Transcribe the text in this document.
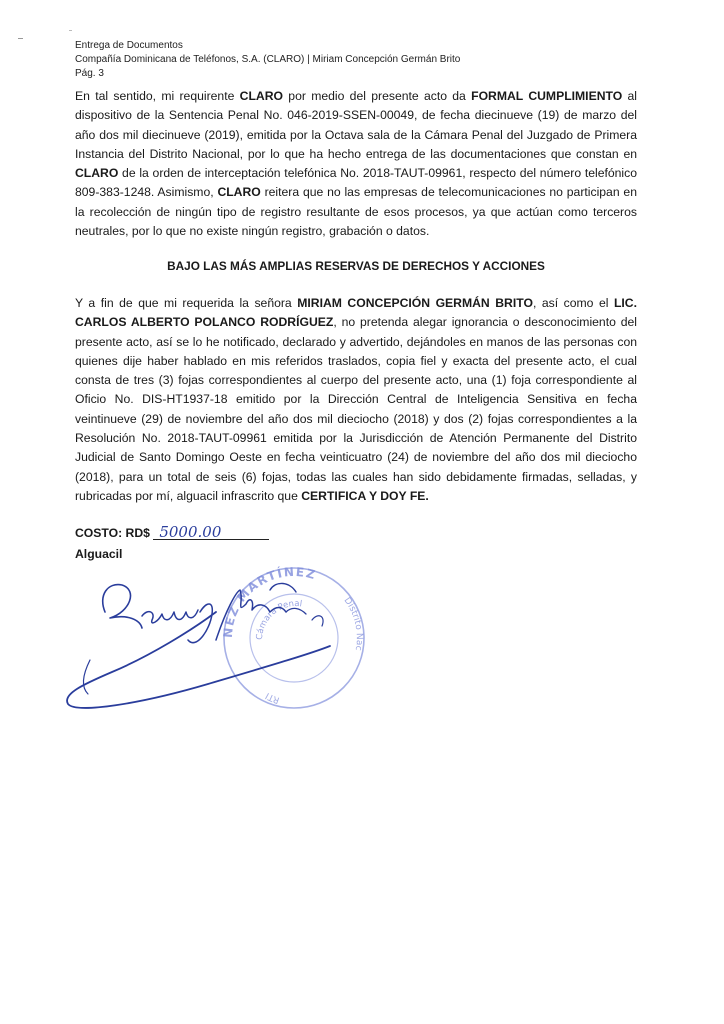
Entrega de Documentos
Compañía Dominicana de Teléfonos, S.A. (CLARO) | Miriam Concepción Germán Brito
Pág. 3
En tal sentido, mi requirente CLARO por medio del presente acto da FORMAL CUMPLIMIENTO al dispositivo de la Sentencia Penal No. 046-2019-SSEN-00049, de fecha diecinueve (19) de marzo del año dos mil diecinueve (2019), emitida por la Octava sala de la Cámara Penal del Juzgado de Primera Instancia del Distrito Nacional, por lo que ha hecho entrega de las documentaciones que constan en CLARO de la orden de interceptación telefónica No. 2018-TAUT-09961, respecto del número telefónico 809-383-1248. Asimismo, CLARO reitera que no las empresas de telecomunicaciones no participan en la recolección de ningún tipo de registro resultante de esos procesos, ya que actúan como terceros neutrales, por lo que no existe ningún registro, grabación o datos.
BAJO LAS MÁS AMPLIAS RESERVAS DE DERECHOS Y ACCIONES
Y a fin de que mi requerida la señora MIRIAM CONCEPCIÓN GERMÁN BRITO, así como el LIC. CARLOS ALBERTO POLANCO RODRÍGUEZ, no pretenda alegar ignorancia o desconocimiento del presente acto, así se lo he notificado, declarado y advertido, dejándoles en manos de las personas con quienes dije haber hablado en mis referidos traslados, copia fiel y exacta del presente acto, el cual consta de tres (3) fojas correspondientes al cuerpo del presente acto, una (1) foja correspondiente al Oficio No. DIS-HT1937-18 emitido por la Dirección Central de Inteligencia Sensitiva en fecha veintinueve (29) de noviembre del año dos mil dieciocho (2018) y dos (2) fojas correspondientes a la Resolución No. 2018-TAUT-09961 emitida por la Jurisdicción de Atención Permanente del Distrito Judicial de Santo Domingo Oeste en fecha veinticuatro (24) de noviembre del año dos mil dieciocho (2018), para un total de seis (6) fojas, todas las cuales han sido debidamente firmadas, selladas, y rubricadas por mí, alguacil infrascrito que CERTIFICA Y DOY FE.
COSTO: RD$ 5000.00
Alguacil
NEZ MARTÍNEZ
Cámara Penal	Distrito Nac
RTI
